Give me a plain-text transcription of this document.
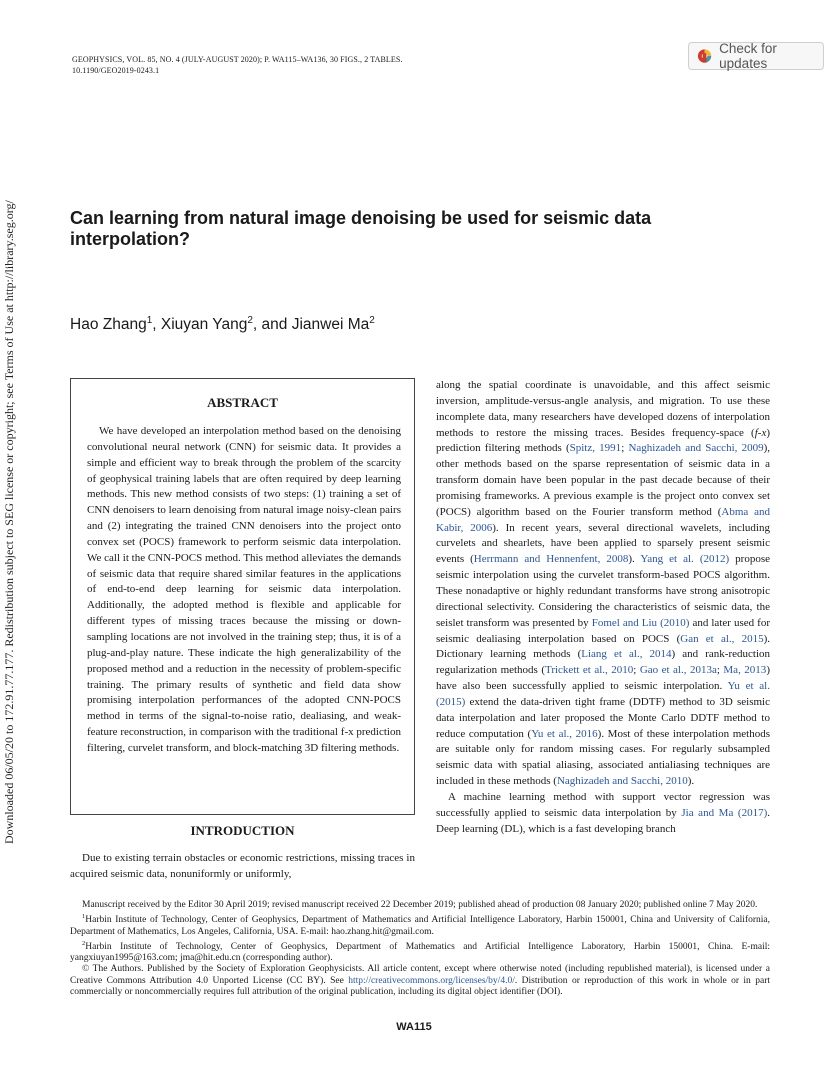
GEOPHYSICS, VOL. 85, NO. 4 (JULY-AUGUST 2020); P. WA115–WA136, 30 FIGS., 2 TABLES.
10.1190/GEO2019-0243.1
Check for updates
Downloaded 06/05/20 to 172.91.77.177. Redistribution subject to SEG license or copyright; see Terms of Use at http://library.seg.org/	Can learning from natural image denoising be used for seismic data interpolation?
Hao Zhang$^1$, Xiuyan Yang$^2$, and Jianwei Ma$^2$
ABSTRACT

We have developed an interpolation method based on the denoising convolutional neural network (CNN) for seismic data. It provides a simple and efficient way to break through the problem of the scarcity of geophysical training labels that are often required by deep learning methods. This new method consists of two steps: (1) training a set of CNN denoisers to learn denoising from natural image noisy-clean pairs and (2) integrating the trained CNN denoisers into the project onto convex set (POCS) framework to perform seismic data interpolation. We call it the CNN-POCS method. This method alleviates the demands of seismic data that require shared similar features in the applications of end-to-end deep learning for seismic data interpolation. Additionally, the adopted method is flexible and applicable for different types of missing traces because the missing or down-sampling locations are not involved in the training step; thus, it is of a plug-and-play nature. These indicate the high generalizability of the proposed method and a reduction in the necessity of problem-specific training. The primary results of synthetic and field data show promising interpolation performances of the adopted CNN-POCS method in terms of the signal-to-noise ratio, dealiasing, and weak-feature reconstruction, in comparison with the traditional f-x prediction filtering, curvelet transform, and block-matching 3D filtering methods.

INTRODUCTION

Due to existing terrain obstacles or economic restrictions, missing traces in acquired seismic data, nonuniformly or uniformly,

along the spatial coordinate is unavoidable, and this affect seismic inversion, amplitude-versus-angle analysis, and migration. To use these incomplete data, many researchers have developed dozens of interpolation methods to restore the missing traces. Besides frequency-space (f-x) prediction filtering methods (Spitz, 1991; Naghizadeh and Sacchi, 2009), other methods based on the sparse representation of seismic data in a transform domain have been popular in the past decade because of their promising frameworks. A previous example is the project onto convex set (POCS) algorithm based on the Fourier transform method (Abma and Kabir, 2006). In recent years, several directional wavelets, including curvelets and shearlets, have been applied to sparsely present seismic events (Herrmann and Hennenfent, 2008). Yang et al. (2012) propose seismic interpolation using the curvelet transform-based POCS algorithm. These nonadaptive or highly redundant transforms have strong anisotropic directional selectivity. Considering the characteristics of seismic data, the seislet transform was presented by Fomel and Liu (2010) and later used for seismic dealiasing interpolation based on POCS (Gan et al., 2015). Dictionary learning methods (Liang et al., 2014) and rank-reduction regularization methods (Trickett et al., 2010; Gao et al., 2013a; Ma, 2013) have also been successfully applied to seismic interpolation. Yu et al. (2015) extend the data-driven tight frame (DDTF) method to 3D seismic data interpolation and later proposed the Monte Carlo DDTF method to reduce computation (Yu et al., 2016). Most of these interpolation methods are suitable only for random missing cases. For regularly subsampled seismic data with spatial aliasing, associated antialiasing techniques are included in these methods (Naghizadeh and Sacchi, 2010).

A machine learning method with support vector regression was successfully applied to seismic data interpolation by Jia and Ma (2017). Deep learning (DL), which is a fast developing branch

Manuscript received by the Editor 30 April 2019; revised manuscript received 22 December 2019; published ahead of production 08 January 2020; published online 7 May 2020.

$^1$Harbin Institute of Technology, Center of Geophysics, Department of Mathematics and Artificial Intelligence Laboratory, Harbin 150001, China and University of California, Department of Mathematics, Los Angeles, California, USA. E-mail: hao.zhang.hit@gmail.com.

$^2$Harbin Institute of Technology, Center of Geophysics, Department of Mathematics and Artificial Intelligence Laboratory, Harbin 150001, China. E-mail: yangxiuyan1995@163.com; jma@hit.edu.cn (corresponding author).

© The Authors. Published by the Society of Exploration Geophysicists. All article content, except where otherwise noted (including republished material), is licensed under a Creative Commons Attribution 4.0 Unported License (CC BY). See http://creativecommons.org/licenses/by/4.0/. Distribution or reproduction of this work in whole or in part commercially or noncommercially requires full attribution of the original publication, including its digital object identifier (DOI).

WA115
